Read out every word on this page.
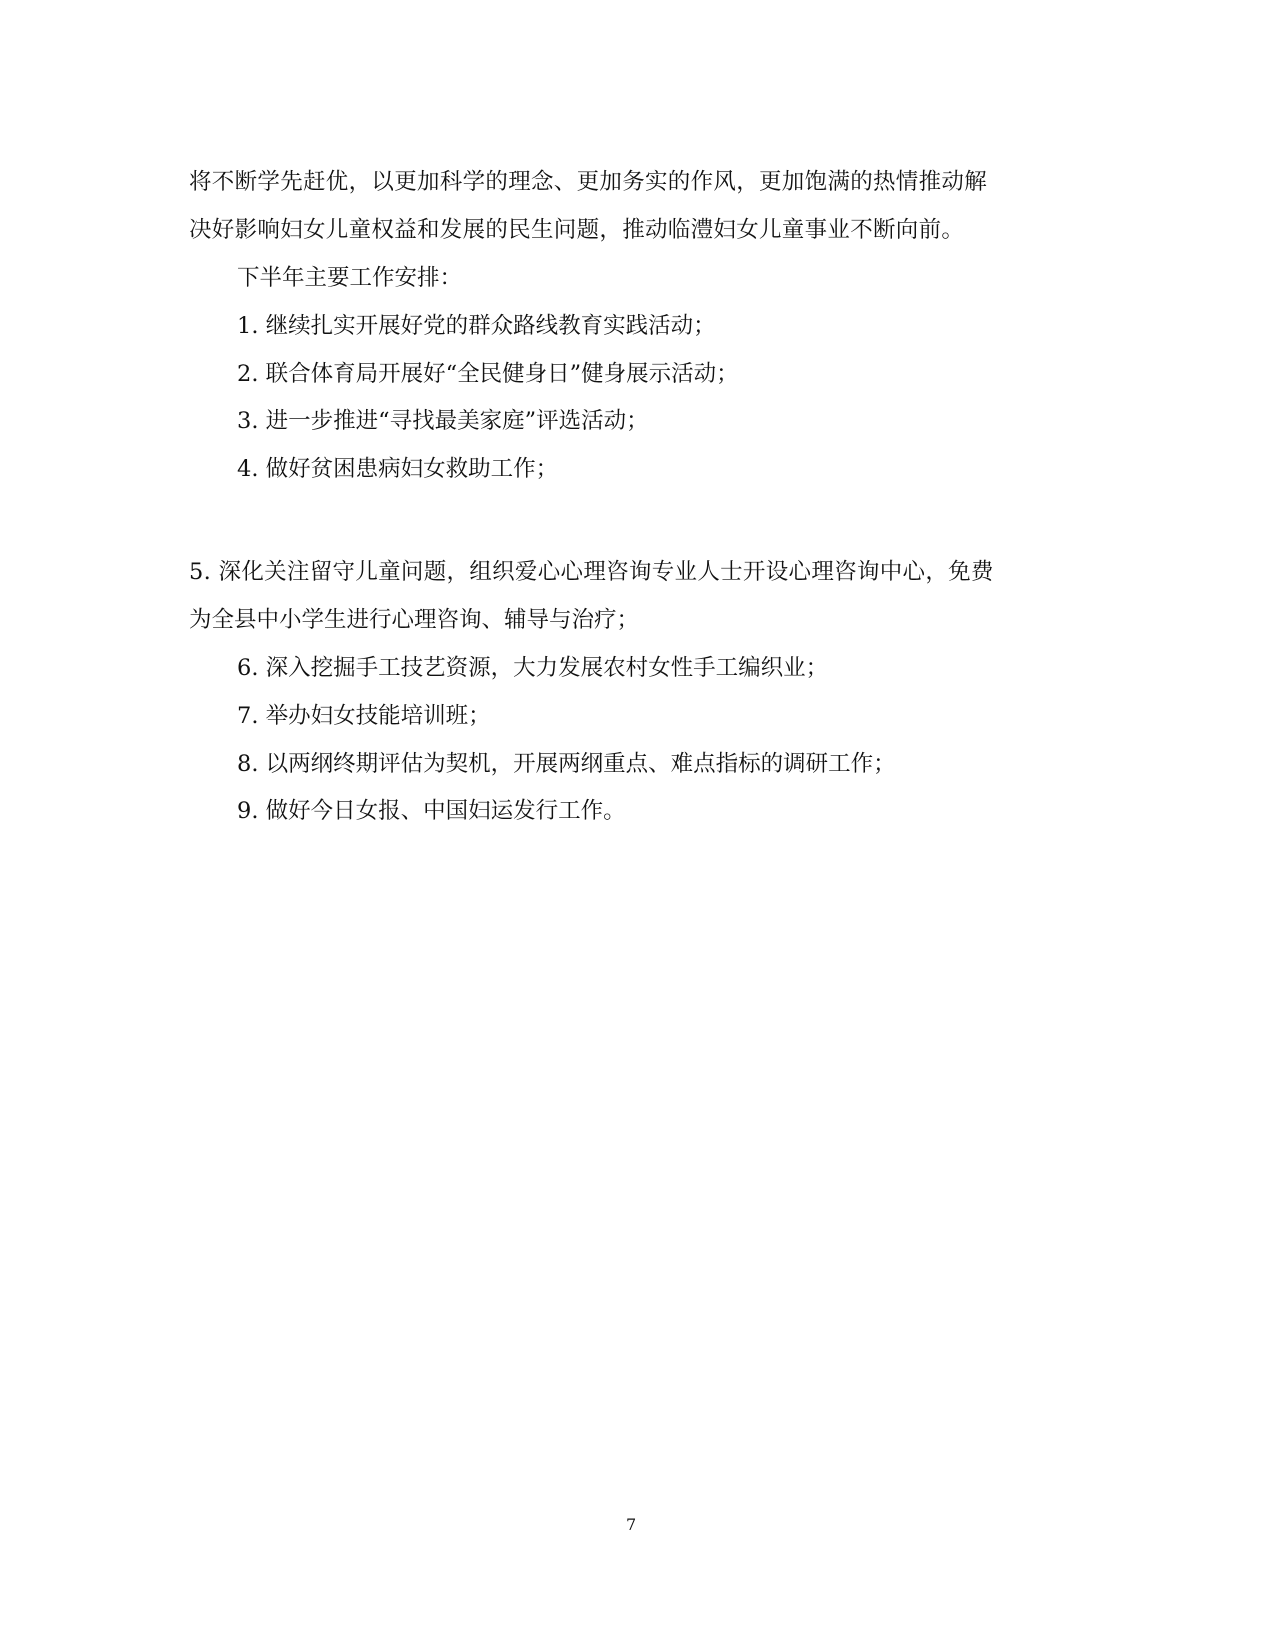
将不断学先赶优，以更加科学的理念、更加务实的作风，更加饱满的热情推动解
决好影响妇女儿童权益和发展的民生问题，推动临澧妇女儿童事业不断向前。
下半年主要工作安排：
1. 继续扎实开展好党的群众路线教育实践活动；
2. 联合体育局开展好“全民健身日”健身展示活动；
3. 进一步推进“寻找最美家庭”评选活动；
4. 做好贫困患病妇女救助工作；
5. 深化关注留守儿童问题，组织爱心心理咨询专业人士开设心理咨询中心，免费
为全县中小学生进行心理咨询、辅导与治疗；
6. 深入挖掘手工技艺资源，大力发展农村女性手工编织业；
7. 举办妇女技能培训班；
8. 以两纲终期评估为契机，开展两纲重点、难点指标的调研工作；
9. 做好今日女报、中国妇运发行工作。
7
